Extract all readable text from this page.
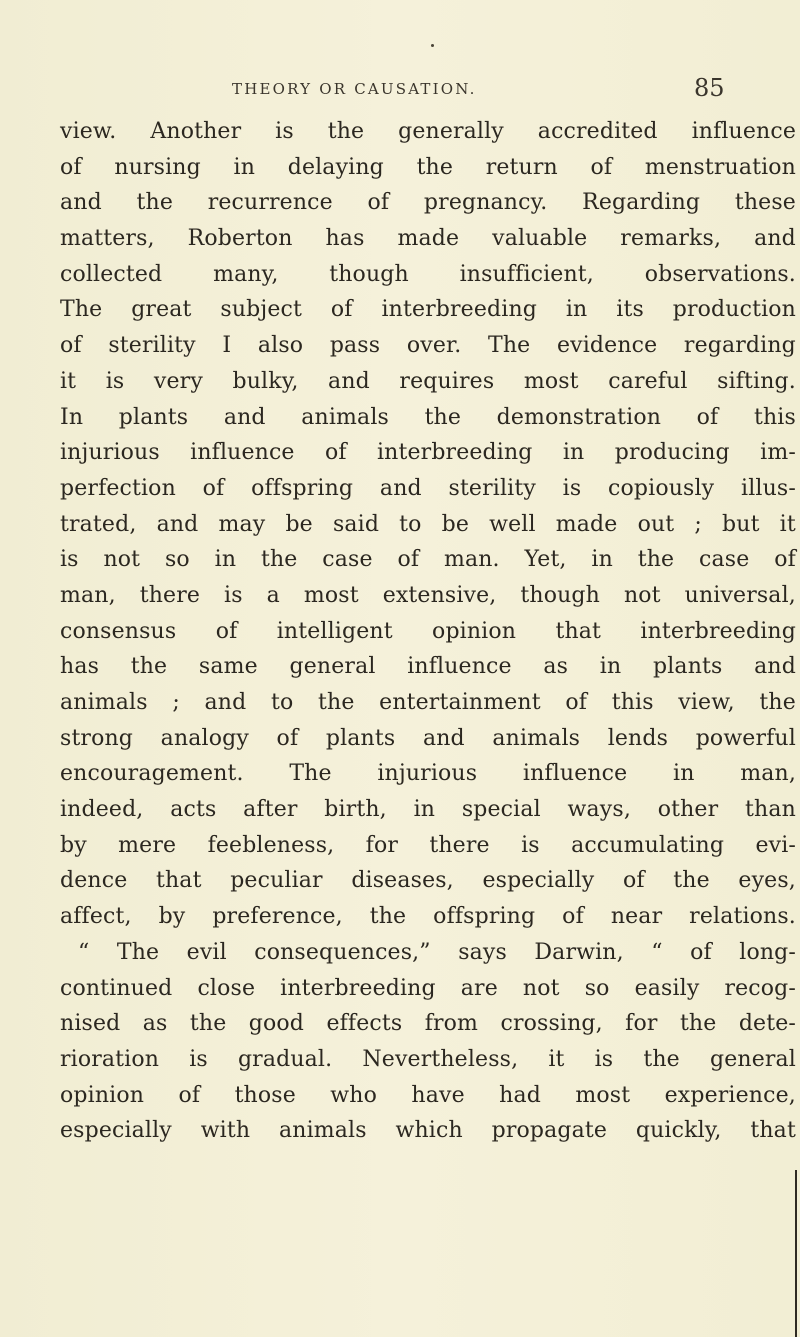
THEORY OR CAUSATION.	85
view. Another is the generally accredited influence
of nursing in delaying the return of menstruation
and the recurrence of pregnancy. Regarding these
matters, Roberton has made valuable remarks, and
collected many, though insufficient, observations.
The great subject of interbreeding in its production
of sterility I also pass over. The evidence regarding
it is very bulky, and requires most careful sifting.
In plants and animals the demonstration of this
injurious influence of interbreeding in producing im-
perfection of offspring and sterility is copiously illus-
trated, and may be said to be well made out ; but it
is not so in the case of man. Yet, in the case of
man, there is a most extensive, though not universal,
consensus of intelligent opinion that interbreeding
has the same general influence as in plants and
animals ; and to the entertainment of this view, the
strong analogy of plants and animals lends powerful
encouragement. The injurious influence in man,
indeed, acts after birth, in special ways, other than
by mere feebleness, for there is accumulating evi-
dence that peculiar diseases, especially of the eyes,
affect, by preference, the offspring of near relations.
“ The evil consequences,” says Darwin, “ of long-
continued close interbreeding are not so easily recog-
nised as the good effects from crossing, for the dete-
rioration is gradual. Nevertheless, it is the general
opinion of those who have had most experience,
especially with animals which propagate quickly, that
